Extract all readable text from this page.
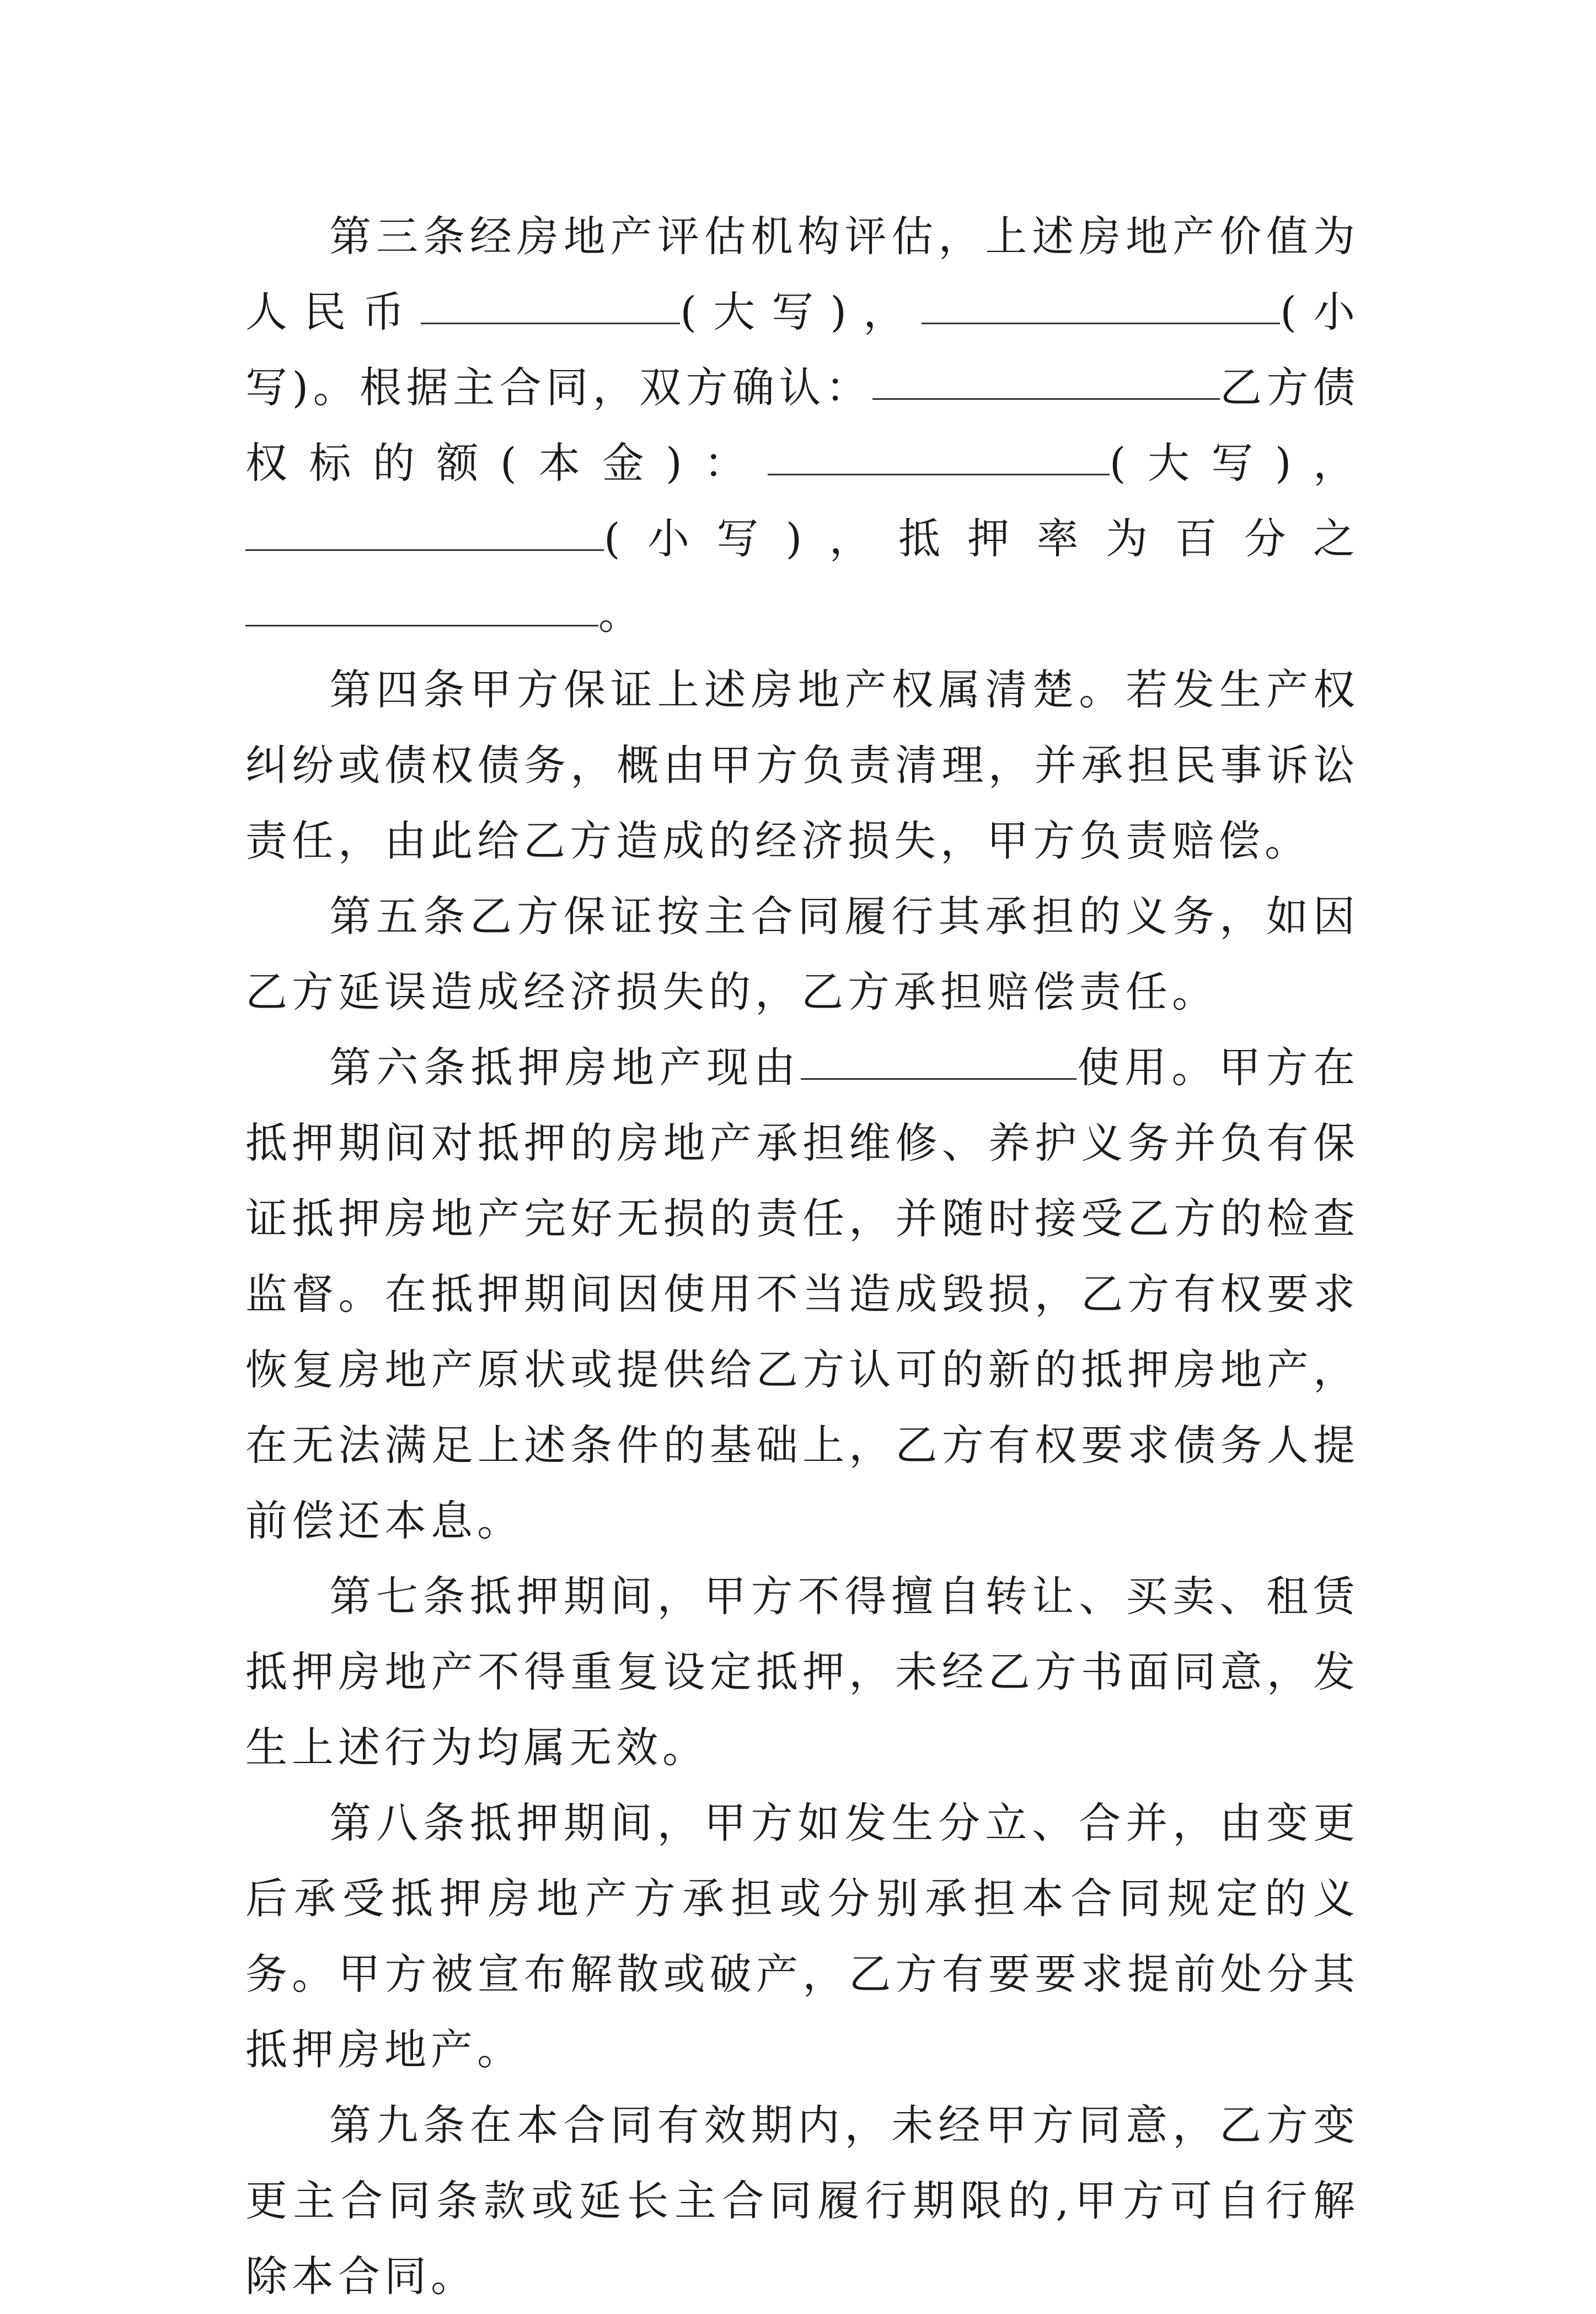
第三条经房地产评估机构评估，上述房地产价值为人民币	(大写)，	(小写)。根据主合同，双方确认：	乙方债权标的额(本金)：	(大写)，(小写)，抵押率为百分之。

第四条甲方保证上述房地产权属清楚。若发生产权纠纷或债权债务，概由甲方负责清理，并承担民事诉讼责任，由此给乙方造成的经济损失，甲方负责赔偿。

第五条乙方保证按主合同履行其承担的义务，如因乙方延误造成经济损失的，乙方承担赔偿责任。

第六条抵押房地产现由	使用。甲方在抵押期间对抵押的房地产承担维修、养护义务并负有保证抵押房地产完好无损的责任，并随时接受乙方的检查监督。在抵押期间因使用不当造成毁损，乙方有权要求恢复房地产原状或提供给乙方认可的新的抵押房地产，在无法满足上述条件的基础上，乙方有权要求债务人提前偿还本息。

第七条抵押期间，甲方不得擅自转让、买卖、租赁抵押房地产不得重复设定抵押，未经乙方书面同意，发生上述行为均属无效。

第八条抵押期间，甲方如发生分立、合并，由变更后承受抵押房地产方承担或分别承担本合同规定的义务。甲方被宣布解散或破产，乙方有要要求提前处分其抵押房地产。

第九条在本合同有效期内，未经甲方同意，乙方变更主合同条款或延长主合同履行期限的,甲方可自行解除本合同。
